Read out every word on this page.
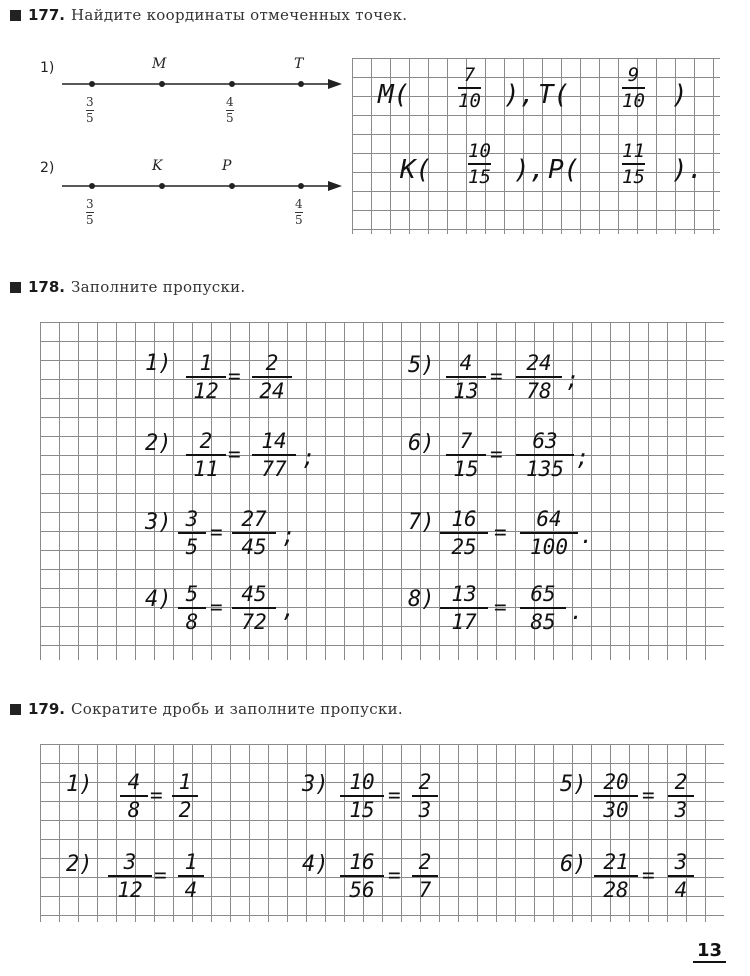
177. Найдите координаты отмеченных точек.
1)	M	T
3
5
4
5
2)	K	P
3
5
4
5
M(
7
10 ), T(
9
10 )
K(
10
15 ), P(
11
15 ).
178. Заполните пропуски.
1) 1
12
=
2
24
2) 2
11
=
14
77 ;
3) 3
5
=
27
45 ;
4) 5
8
=
45
72 ,
5) 4
13
=
24
78 ;
6) 7
15
=
63
135 ;
7) 16
25
=
64
100 .
8) 13
17
=
65
85 .
179. Сократите дробь и заполните пропуски.
1) 4
8
=
1
2
2) 3
12
=
1
4
3) 10
15
=
2
3
4) 16
56
=
2
7
5) 20
30
=
2
3
6) 21
28
=
3
4
13
